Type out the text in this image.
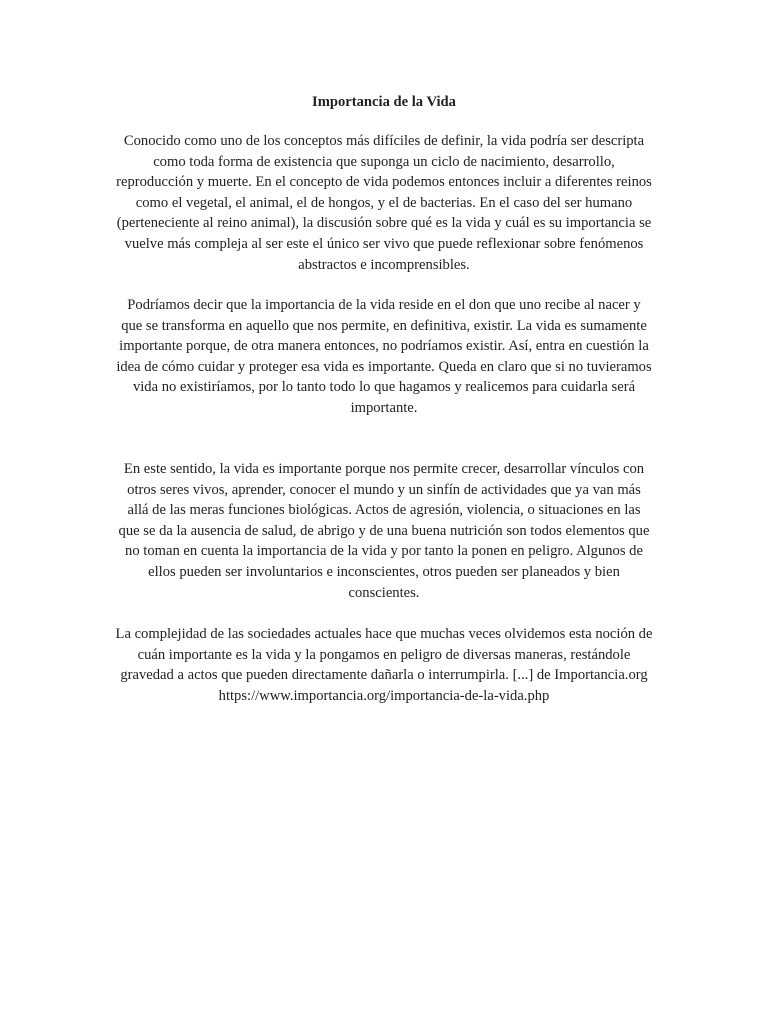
Importancia de la Vida

Conocido como uno de los conceptos más difíciles de definir, la vida podría ser descripta
como toda forma de existencia que suponga un ciclo de nacimiento, desarrollo,
reproducción y muerte. En el concepto de vida podemos entonces incluir a diferentes reinos
como el vegetal, el animal, el de hongos, y el de bacterias. En el caso del ser humano
(perteneciente al reino animal), la discusión sobre qué es la vida y cuál es su importancia se
vuelve más compleja al ser este el único ser vivo que puede reflexionar sobre fenómenos
abstractos e incomprensibles.

Podríamos decir que la importancia de la vida reside en el don que uno recibe al nacer y
que se transforma en aquello que nos permite, en definitiva, existir. La vida es sumamente
importante porque, de otra manera entonces, no podríamos existir. Así, entra en cuestión la
idea de cómo cuidar y proteger esa vida es importante. Queda en claro que si no tuvieramos
vida no existiríamos, por lo tanto todo lo que hagamos y realicemos para cuidarla será
importante.

En este sentido, la vida es importante porque nos permite crecer, desarrollar vínculos con
otros seres vivos, aprender, conocer el mundo y un sinfín de actividades que ya van más
allá de las meras funciones biológicas. Actos de agresión, violencia, o situaciones en las
que se da la ausencia de salud, de abrigo y de una buena nutrición son todos elementos que
no toman en cuenta la importancia de la vida y por tanto la ponen en peligro. Algunos de
ellos pueden ser involuntarios e inconscientes, otros pueden ser planeados y bien
conscientes.

La complejidad de las sociedades actuales hace que muchas veces olvidemos esta noción de
cuán importante es la vida y la pongamos en peligro de diversas maneras, restándole
gravedad a actos que pueden directamente dañarla o interrumpirla. [...] de Importancia.org
https://www.importancia.org/importancia-de-la-vida.php
